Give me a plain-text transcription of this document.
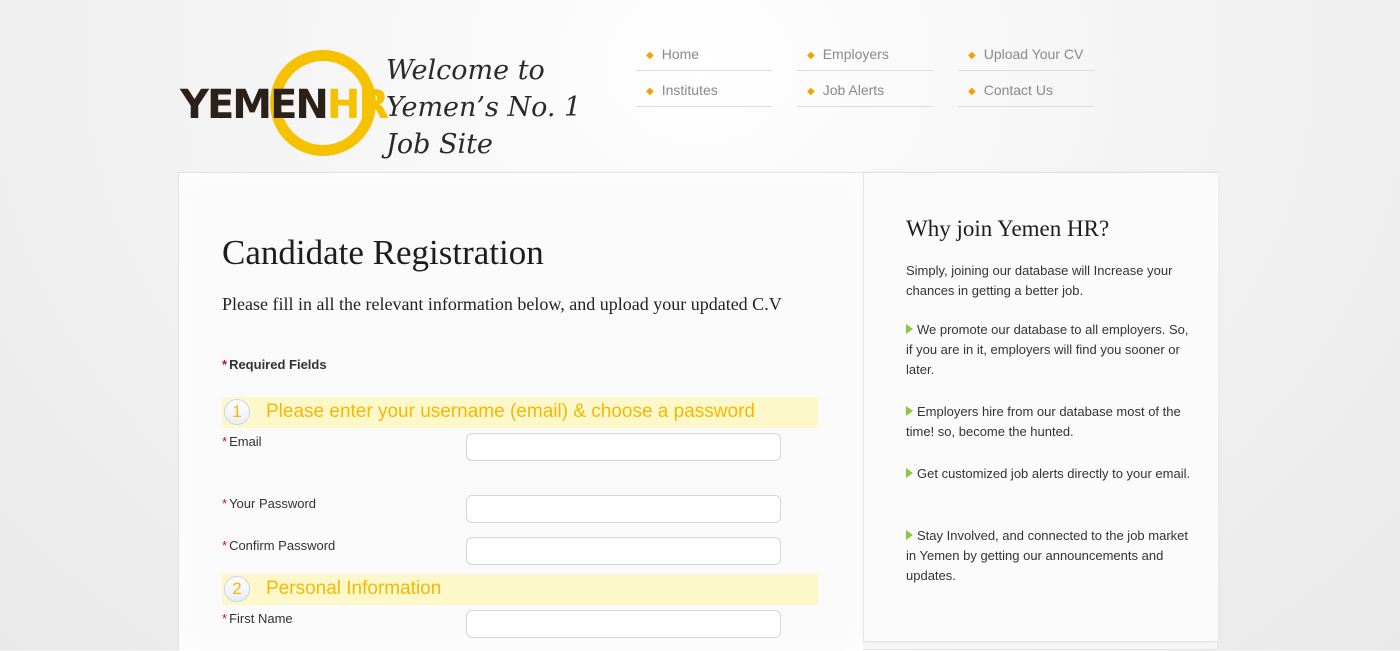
YEMENHR
Welcome to
Yemen’s No. 1
Job Site
◆ Home	◆ Employers	◆ Upload Your CV
◆ Institutes	◆ Job Alerts	◆ Contact Us
Candidate Registration
Please fill in all the relevant information below, and upload your updated C.V
* Required Fields
1	Please enter your username (email) & choose a password
* Email
* Your Password
* Confirm Password
2	Personal Information
* First Name
Why join Yemen HR?
Simply, joining our database will Increase your chances in getting a better job.
We promote our database to all employers. So, if you are in it, employers will find you sooner or later.
Employers hire from our database most of the time! so, become the hunted.
Get customized job alerts directly to your email.
Stay Involved, and connected to the job market in Yemen by getting our announcements and updates.
